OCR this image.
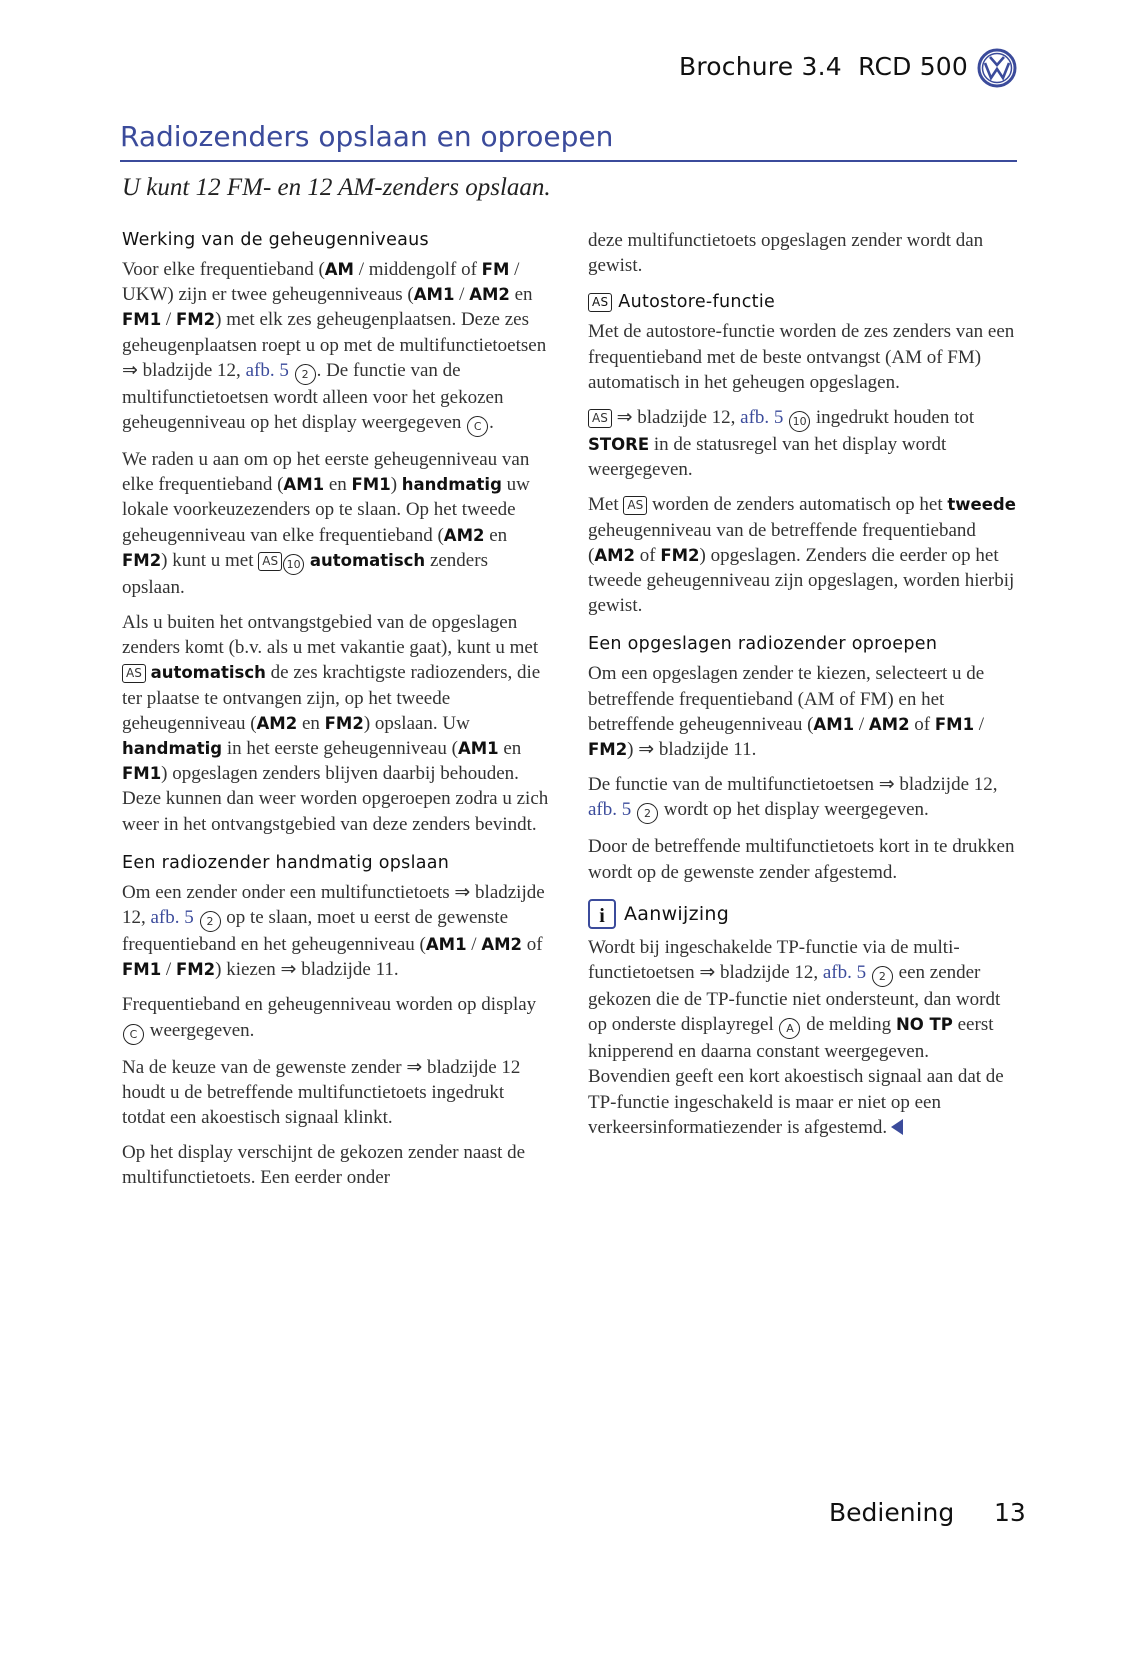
Brochure 3.4  RCD 500
Radiozenders opslaan en oproepen
U kunt 12 FM- en 12 AM-zenders opslaan.
Werking van de geheugenniveaus

Voor elke frequentieband (AM / middengolf of FM / UKW) zijn er twee geheugenniveaus (AM1 / AM2 en FM1 / FM2) met elk zes geheugenplaatsen. Deze zes geheugenplaatsen roept u op met de multifunctietoetsen ⇒ bladzijde 12, afb. 5 2 . De functie van de multifunctietoetsen wordt alleen voor het gekozen geheugenniveau op het display weergegeven C .

We raden u aan om op het eerste geheugenniveau van elke frequentieband (AM1 en FM1) handmatig uw lokale voorkeuzezenders op te slaan. Op het tweede geheugenniveau van elke frequentieband (AM2 en FM2) kunt u met AS 10 automatisch zenders opslaan.

Als u buiten het ontvangstgebied van de opgeslagen zenders komt (b.v. als u met vakantie gaat), kunt u met AS automatisch de zes krachtigste radiozenders, die ter plaatse te ontvangen zijn, op het tweede geheugenniveau (AM2 en FM2) opslaan. Uw handmatig in het eerste geheugenniveau (AM1 en FM1) opgeslagen zenders blijven daarbij behouden. Deze kunnen dan weer worden opgeroepen zodra u zich weer in het ontvangstgebied van deze zenders bevindt.

Een radiozender handmatig opslaan

Om een zender onder een multifunctietoets ⇒ bladzijde 12, afb. 5 2 op te slaan, moet u eerst de gewenste frequentieband en het geheugenniveau (AM1 / AM2 of FM1 / FM2) kiezen ⇒ bladzijde 11.

Frequentieband en geheugenniveau worden op display C weergegeven.

Na de keuze van de gewenste zender ⇒ bladzijde 12 houdt u de betreffende multifunctietoets ingedrukt totdat een akoestisch signaal klinkt.

Op het display verschijnt de gekozen zender naast de multifunctietoets. Een eerder onder

deze multifunctietoets opgeslagen zender wordt dan gewist.

AS Autostore-functie

Met de autostore-functie worden de zes zenders van een frequentieband met de beste ontvangst (AM of FM) automatisch in het geheugen opgeslagen.

AS ⇒ bladzijde 12, afb. 5 10 ingedrukt houden tot STORE in de statusregel van het display wordt weergegeven.

Met AS worden de zenders automatisch op het tweede geheugenniveau van de betreffende frequentieband (AM2 of FM2) opgeslagen. Zenders die eerder op het tweede geheugenniveau zijn opgeslagen, worden hierbij gewist.

Een opgeslagen radiozender oproepen

Om een opgeslagen zender te kiezen, selecteert u de betreffende frequentieband (AM of FM) en het betreffende geheugenniveau (AM1 / AM2 of FM1 / FM2) ⇒ bladzijde 11.

De functie van de multifunctietoetsen ⇒ bladzijde 12, afb. 5 2 wordt op het display weergegeven.

Door de betreffende multifunctietoets kort in te drukken wordt op de gewenste zender afgestemd.

i	Aanwijzing

Wordt bij ingeschakelde TP-functie via de multifunctietoetsen ⇒ bladzijde 12, afb. 5 2 een zender gekozen die de TP-functie niet ondersteunt, dan wordt op onderste displayregel A de melding NO TP eerst knipperend en daarna constant weergegeven. Bovendien geeft een kort akoestisch signaal aan dat de TP-functie ingeschakeld is maar er niet op een verkeersinformatiezender is afgestemd.

Bediening 13
